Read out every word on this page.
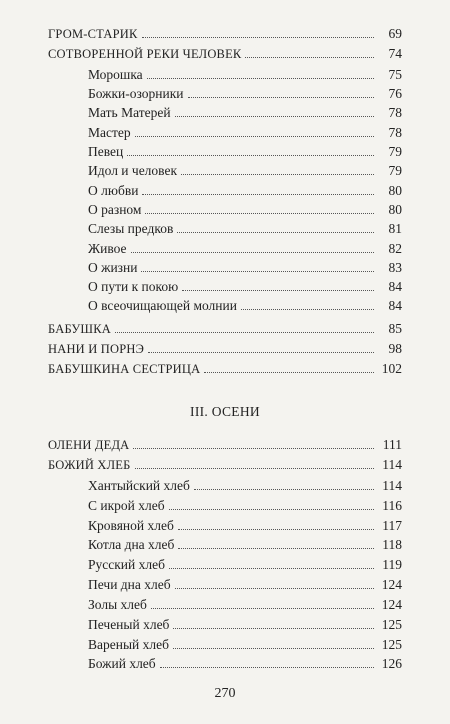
ГРОМ-СТАРИК	69
СОТВОРЕННОЙ РЕКИ ЧЕЛОВЕК	74
Морошка	75
Божки-озорники	76
Мать Матерей	78
Мастер	78
Певец	79
Идол и человек	79
О любви	80
О разном	80
Слезы предков	81
Живое	82
О жизни	83
О пути к покою	84
О всеочищающей молнии	84
БАБУШКА	85
НАНИ И ПОРНЭ	98
БАБУШКИНА СЕСТРИЦА	102
III. ОСЕНИ
ОЛЕНИ ДЕДА	111
БОЖИЙ ХЛЕБ	114
Хантыйский хлеб	114
С икрой хлеб	116
Кровяной хлеб	117
Котла дна хлеб	118
Русский хлеб	119
Печи дна хлеб	124
Золы хлеб	124
Печеный хлеб	125
Вареный хлеб	125
Божий хлеб	126
270
